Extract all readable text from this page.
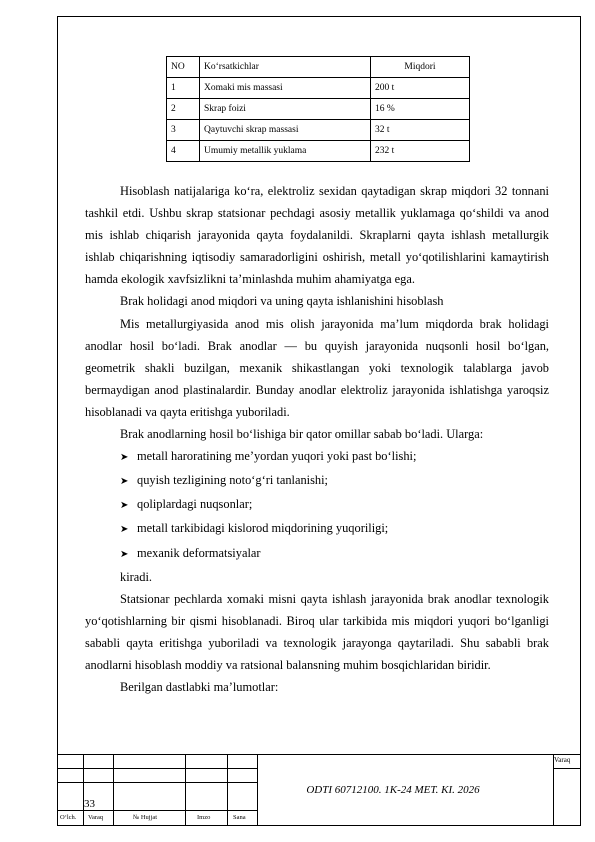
NO	Ko‘rsatkichlar	Miqdori
1	Xomaki mis massasi	200 t
2	Skrap foizi	16 %
3	Qaytuvchi skrap massasi	32 t
4	Umumiy metallik yuklama	232 t

Hisoblash natijalariga ko‘ra, elektroliz sexidan qaytadigan skrap miqdori 32 tonnani tashkil etdi. Ushbu skrap statsionar pechdagi asosiy metallik yuklamaga qo‘shildi va anod mis ishlab chiqarish jarayonida qayta foydalanildi. Skraplarni qayta ishlash metallurgik ishlab chiqarishning iqtisodiy samaradorligini oshirish, metall yo‘qotilishlarini kamaytirish hamda ekologik xavfsizlikni ta’minlashda muhim ahamiyatga ega.

Brak holidagi anod miqdori va uning qayta ishlanishini hisoblash

Mis metallurgiyasida anod mis olish jarayonida ma’lum miqdorda brak holidagi anodlar hosil bo‘ladi. Brak anodlar — bu quyish jarayonida nuqsonli hosil bo‘lgan, geometrik shakli buzilgan, mexanik shikastlangan yoki texnologik talablarga javob bermaydigan anod plastinalardir. Bunday anodlar elektroliz jarayonida ishlatishga yaroqsiz hisoblanadi va qayta eritishga yuboriladi.

Brak anodlarning hosil bo‘lishiga bir qator omillar sabab bo‘ladi. Ularga:

➤ metall haroratining me’yordan yuqori yoki past bo‘lishi;

➤ quyish tezligining noto‘g‘ri tanlanishi;

➤ qoliplardagi nuqsonlar;

➤ metall tarkibidagi kislorod miqdorining yuqoriligi;

➤ mexanik deformatsiyalar

kiradi.

Statsionar pechlarda xomaki misni qayta ishlash jarayonida brak anodlar texnologik yo‘qotishlarning bir qismi hisoblanadi. Biroq ular tarkibida mis miqdori yuqori bo‘lganligi sababli qayta eritishga yuboriladi va texnologik jarayonga qaytariladi. Shu sababli brak anodlarni hisoblash moddiy va ratsional balansning muhim bosqichlaridan biridir.

Berilgan dastlabki ma’lumotlar:

33
ODTI 60712100. 1K-24 MET. KI. 2026
Varaq
O‘lch. Varaq	№ Hujjat	Imzo	Sana
